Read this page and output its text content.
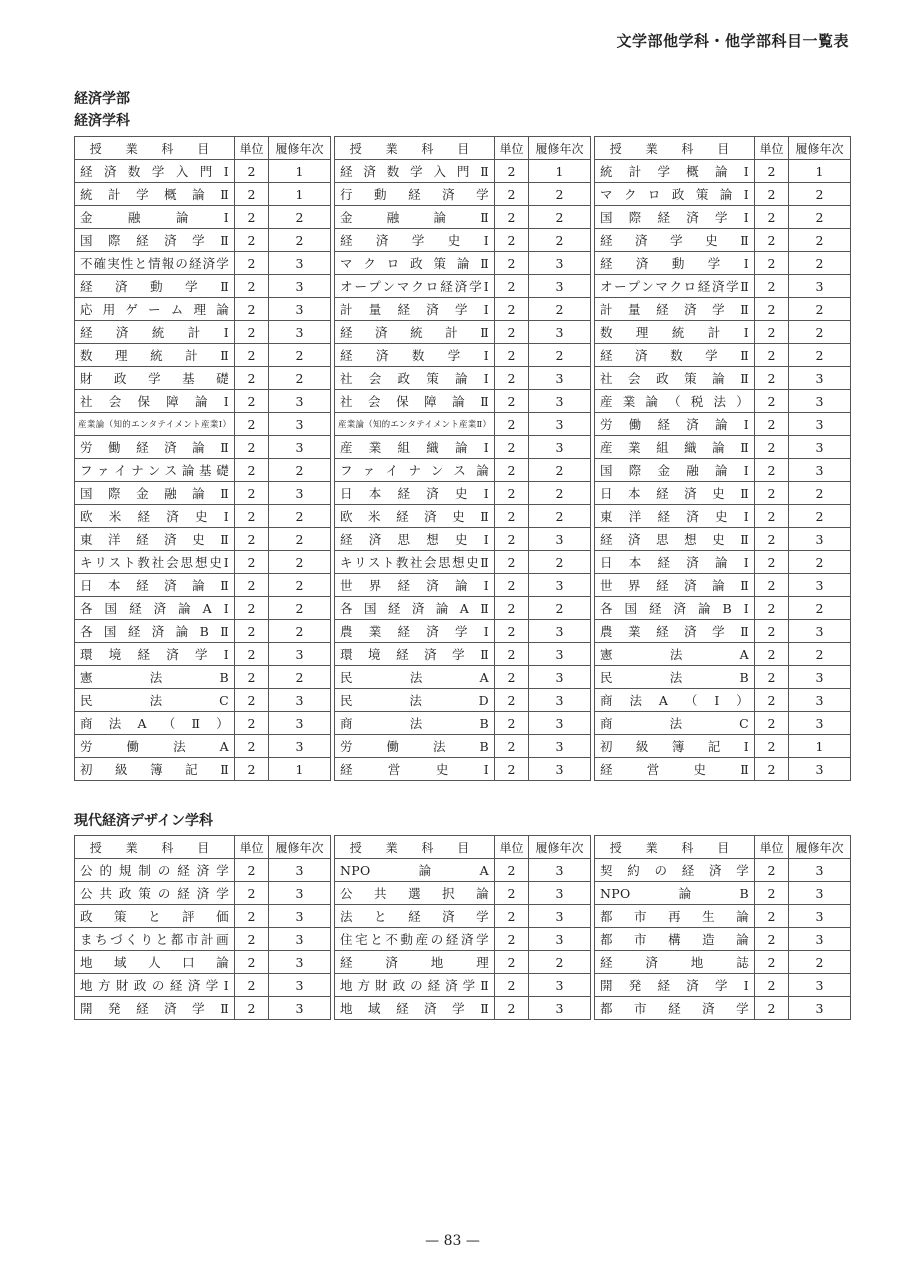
文学部他学科・他学部科目一覧表
経済学部
経済学科
授 業 科 目	単位	履修年次		授 業 科 目	単位	履修年次		授 業 科 目	単位	履修年次
経済数学入門Ⅰ	2	1		経済数学入門Ⅱ	2	1		統計学概論Ⅰ	2	1
統計学概論Ⅱ	2	1		行動経済学	2	2		マクロ政策論Ⅰ	2	2
金融論Ⅰ	2	2		金融論Ⅱ	2	2		国際経済学Ⅰ	2	2
国際経済学Ⅱ	2	2		経済学史Ⅰ	2	2		経済学史Ⅱ	2	2
不確実性と情報の経済学	2	3		マクロ政策論Ⅱ	2	3		経済動学Ⅰ	2	2
経済動学Ⅱ	2	3		オープンマクロ経済学Ⅰ	2	3		オープンマクロ経済学Ⅱ	2	3
応用ゲーム理論	2	3		計量経済学Ⅰ	2	2		計量経済学Ⅱ	2	2
経済統計Ⅰ	2	3		経済統計Ⅱ	2	3		数理統計Ⅰ	2	2
数理統計Ⅱ	2	2		経済数学Ⅰ	2	2		経済数学Ⅱ	2	2
財政学基礎	2	2		社会政策論Ⅰ	2	3		社会政策論Ⅱ	2	3
社会保障論Ⅰ	2	3		社会保障論Ⅱ	2	3		産業論（税法）	2	3
産業論（知的エンタテイメント産業Ⅰ）	2	3		産業論（知的エンタテイメント産業Ⅱ）	2	3		労働経済論Ⅰ	2	3
労働経済論Ⅱ	2	3		産業組織論Ⅰ	2	3		産業組織論Ⅱ	2	3
ファイナンス論基礎	2	2		ファイナンス論	2	2		国際金融論Ⅰ	2	3
国際金融論Ⅱ	2	3		日本経済史Ⅰ	2	2		日本経済史Ⅱ	2	2
欧米経済史Ⅰ	2	2		欧米経済史Ⅱ	2	2		東洋経済史Ⅰ	2	2
東洋経済史Ⅱ	2	2		経済思想史Ⅰ	2	3		経済思想史Ⅱ	2	3
キリスト教社会思想史Ⅰ	2	2		キリスト教社会思想史Ⅱ	2	2		日本経済論Ⅰ	2	2
日本経済論Ⅱ	2	2		世界経済論Ⅰ	2	3		世界経済論Ⅱ	2	3
各国経済論AⅠ	2	2		各国経済論AⅡ	2	2		各国経済論BⅠ	2	2
各国経済論BⅡ	2	2		農業経済学Ⅰ	2	3		農業経済学Ⅱ	2	3
環境経済学Ⅰ	2	3		環境経済学Ⅱ	2	3		憲法A	2	2
憲法B	2	2		民法A	2	3		民法B	2	3
民法C	2	3		民法D	2	3		商法A（Ⅰ）	2	3
商法A（Ⅱ）	2	3		商法B	2	3		商法C	2	3
労働法A	2	3		労働法B	2	3		初級簿記Ⅰ	2	1
初級簿記Ⅱ	2	1		経営史Ⅰ	2	3		経営史Ⅱ	2	3
現代経済デザイン学科
授 業 科 目	単位	履修年次		授 業 科 目	単位	履修年次		授 業 科 目	単位	履修年次
公的規制の経済学	2	3		NPO論A	2	3		契約の経済学	2	3
公共政策の経済学	2	3		公共選択論	2	3		NPO論B	2	3
政策と評価	2	3		法と経済学	2	3		都市再生論	2	3
まちづくりと都市計画	2	3		住宅と不動産の経済学	2	3		都市構造論	2	3
地域人口論	2	3		経済地理	2	2		経済地誌	2	2
地方財政の経済学Ⅰ	2	3		地方財政の経済学Ⅱ	2	3		開発経済学Ⅰ	2	3
開発経済学Ⅱ	2	3		地域経済学Ⅱ	2	3		都市経済学	2	3
— 83 —
